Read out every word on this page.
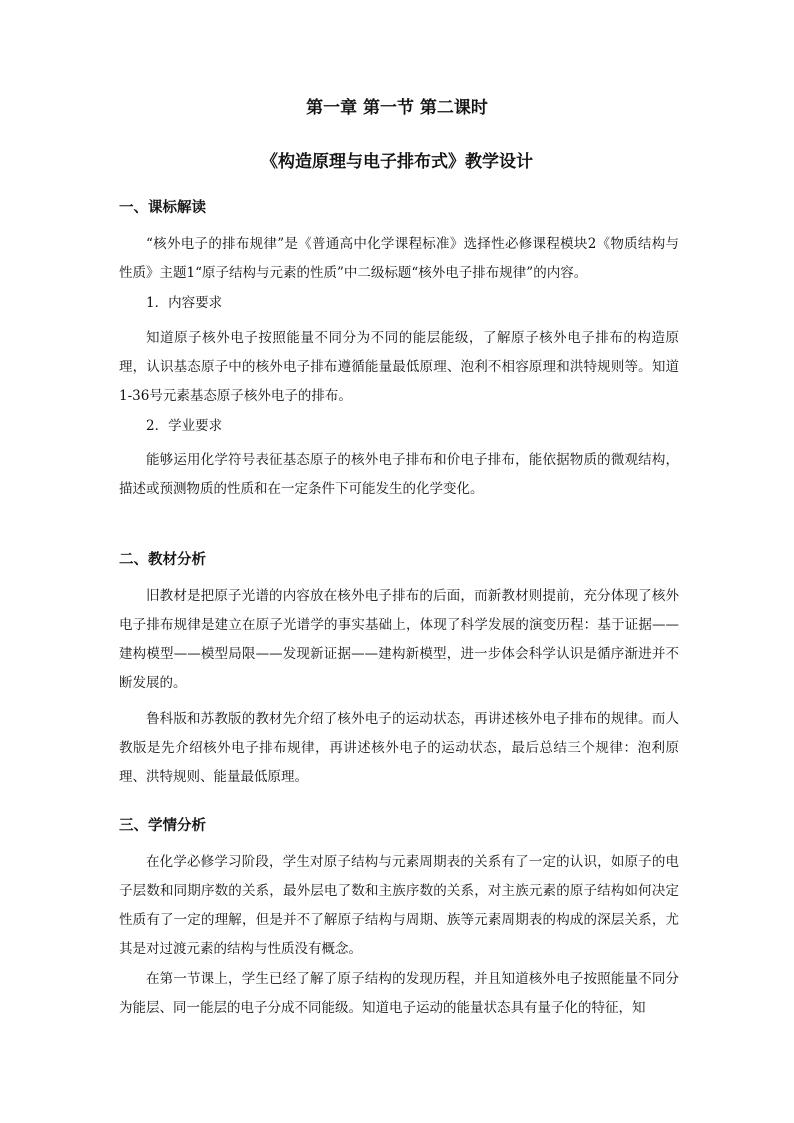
第一章 第一节 第二课时
《构造原理与电子排布式》教学设计
一、课标解读

“核外电子的排布规律”是《普通高中化学课程标准》选择性必修课程模块2《物质结构与性质》主题1“原子结构与元素的性质”中二级标题“核外电子排布规律”的内容。

1．内容要求

知道原子核外电子按照能量不同分为不同的能层能级，了解原子核外电子排布的构造原理，认识基态原子中的核外电子排布遵循能量最低原理、泡利不相容原理和洪特规则等。知道1-36号元素基态原子核外电子的排布。

2．学业要求

能够运用化学符号表征基态原子的核外电子排布和价电子排布，能依据物质的微观结构，描述或预测物质的性质和在一定条件下可能发生的化学变化。

二、教材分析

旧教材是把原子光谱的内容放在核外电子排布的后面，而新教材则提前，充分体现了核外电子排布规律是建立在原子光谱学的事实基础上，体现了科学发展的演变历程：基于证据——建构模型——模型局限——发现新证据——建构新模型，进一步体会科学认识是循序渐进并不断发展的。

鲁科版和苏教版的教材先介绍了核外电子的运动状态，再讲述核外电子排布的规律。而人教版是先介绍核外电子排布规律，再讲述核外电子的运动状态，最后总结三个规律：泡利原理、洪特规则、能量最低原理。

三、学情分析

在化学必修学习阶段，学生对原子结构与元素周期表的关系有了一定的认识，如原子的电子层数和同期序数的关系，最外层电了数和主族序数的关系，对主族元素的原子结构如何决定性质有了一定的理解，但是并不了解原子结构与周期、族等元素周期表的构成的深层关系，尤其是对过渡元素的结构与性质没有概念。

在第一节课上，学生已经了解了原子结构的发现历程，并且知道核外电子按照能量不同分为能层、同一能层的电子分成不同能级。知道电子运动的能量状态具有量子化的特征，知
